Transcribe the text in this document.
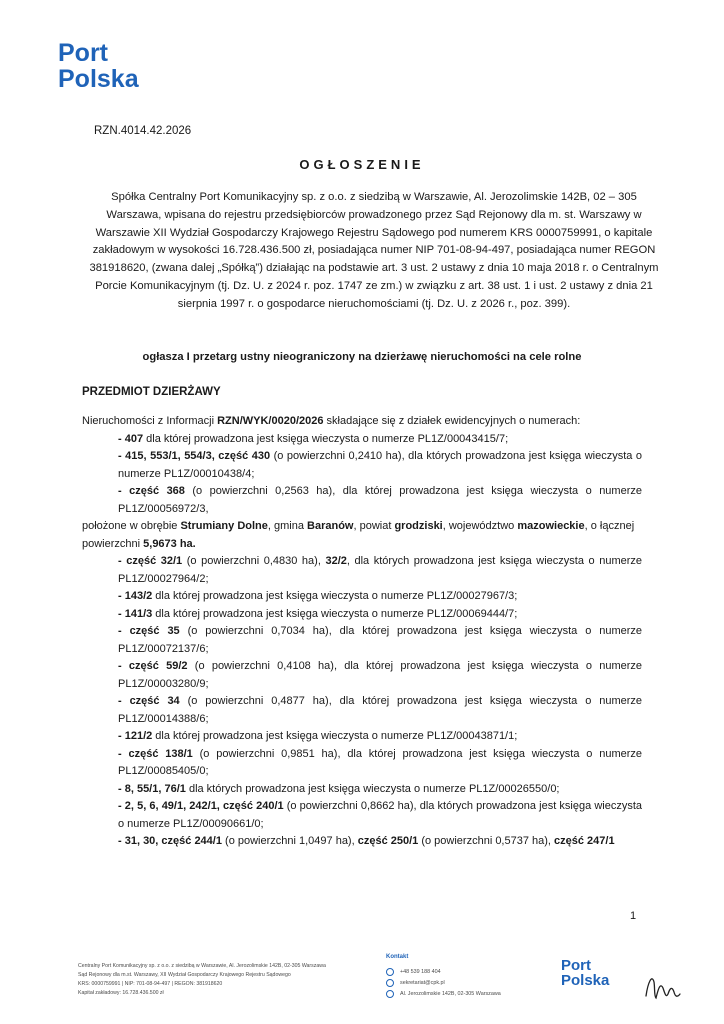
Port
Polska
RZN.4014.42.2026
OGŁOSZENIE
Spółka Centralny Port Komunikacyjny sp. z o.o. z siedzibą w Warszawie, Al. Jerozolimskie 142B, 02 – 305 Warszawa, wpisana do rejestru przedsiębiorców prowadzonego przez Sąd Rejonowy dla m. st. Warszawy w Warszawie XII Wydział Gospodarczy Krajowego Rejestru Sądowego pod numerem KRS 0000759991, o kapitale zakładowym w wysokości 16.728.436.500 zł, posiadająca numer NIP 701-08-94-497, posiadająca numer REGON 381918620, (zwana dalej „Spółką”) działając na podstawie art. 3 ust. 2 ustawy z dnia 10 maja 2018 r. o Centralnym Porcie Komunikacyjnym (tj. Dz. U. z 2024 r. poz. 1747 ze zm.) w związku z art. 38 ust. 1 i ust. 2 ustawy z dnia 21 sierpnia 1997 r. o gospodarce nieruchomościami (tj. Dz. U. z 2026 r., poz. 399).
ogłasza I przetarg ustny nieograniczony na dzierżawę nieruchomości na cele rolne
PRZEDMIOT DZIERŻAWY

Nieruchomości z Informacji RZN/WYK/0020/2026 składające się z działek ewidencyjnych o numerach:

- 407 dla której prowadzona jest księga wieczysta o numerze PL1Z/00043415/7;

- 415, 553/1, 554/3, część 430 (o powierzchni 0,2410 ha), dla których prowadzona jest księga wieczysta o numerze PL1Z/00010438/4;

- część 368 (o powierzchni 0,2563 ha), dla której prowadzona jest księga wieczysta o numerze PL1Z/00056972/3,

położone w obrębie Strumiany Dolne, gmina Baranów, powiat grodziski, województwo mazowieckie, o łącznej powierzchni 5,9673 ha.

- część 32/1 (o powierzchni 0,4830 ha), 32/2, dla których prowadzona jest księga wieczysta o numerze PL1Z/00027964/2;

- 143/2 dla której prowadzona jest księga wieczysta o numerze PL1Z/00027967/3;

- 141/3 dla której prowadzona jest księga wieczysta o numerze PL1Z/00069444/7;

- część 35 (o powierzchni 0,7034 ha), dla której prowadzona jest księga wieczysta o numerze PL1Z/00072137/6;

- część 59/2 (o powierzchni 0,4108 ha), dla której prowadzona jest księga wieczysta o numerze PL1Z/00003280/9;

- część 34 (o powierzchni 0,4877 ha), dla której prowadzona jest księga wieczysta o numerze PL1Z/00014388/6;

- 121/2 dla której prowadzona jest księga wieczysta o numerze PL1Z/00043871/1;

- część 138/1 (o powierzchni 0,9851 ha), dla której prowadzona jest księga wieczysta o numerze PL1Z/00085405/0;

- 8, 55/1, 76/1 dla których prowadzona jest księga wieczysta o numerze PL1Z/00026550/0;

- 2, 5, 6, 49/1, 242/1, część 240/1 (o powierzchni 0,8662 ha), dla których prowadzona jest księga wieczysta o numerze PL1Z/00090661/0;

- 31, 30, część 244/1 (o powierzchni 1,0497 ha), część 250/1 (o powierzchni 0,5737 ha), część 247/1

1
Centralny Port Komunikacyjny sp. z o.o. z siedzibą w Warszawie, Al. Jerozolimskie 142B, 02-305 Warszawa
Sąd Rejonowy dla m.st. Warszawy, XII Wydział Gospodarczy Krajowego Rejestru Sądowego
KRS: 0000759991 | NIP: 701-08-94-497 | REGON: 381918620
Kapitał zakładowy: 16.728.436.500 zł
Kontakt
+48 539 188 404
sekretariat@cpk.pl
Al. Jerozolimskie 142B, 02-305 Warszawa
Port
Polska
